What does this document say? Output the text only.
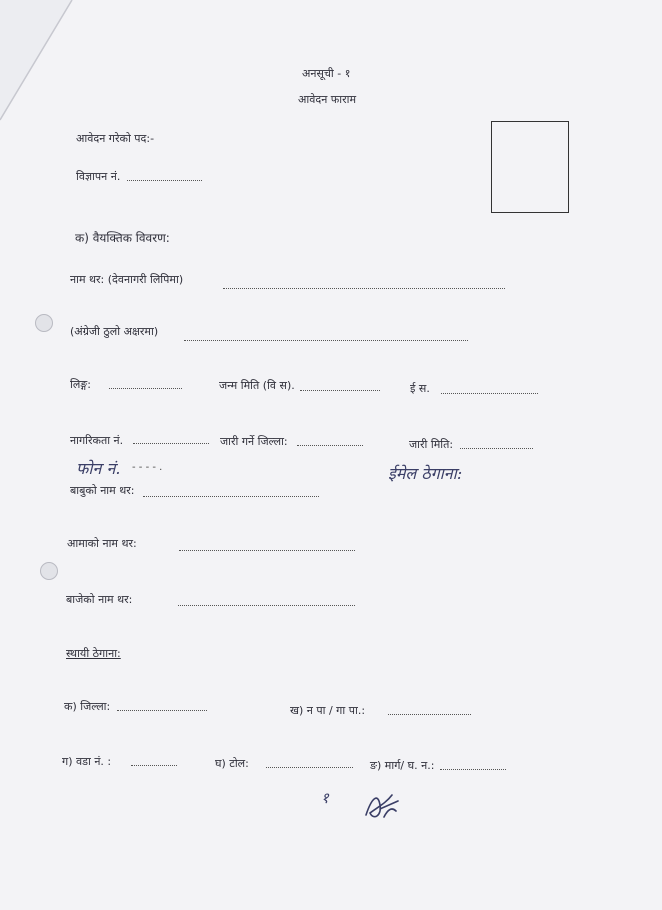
अनसूची - १
आवेदन फाराम
आवेदन गरेको पद:-
विज्ञापन नं.
क) वैयक्तिक विवरण:
नाम थर: (देवनागरी लिपिमा)
(अंग्रेजी ठुलो अक्षरमा)
लिङ्ग:	जन्म मिति (वि स).	ई स.
नागरिकता नं.	जारी गर्ने जिल्ला:	जारी मिति:
फोन नं. - - - - .	ईमेल ठेगाना:
बाबुको नाम थर:
आमाको नाम थर:
बाजेको नाम थर:
स्थायी ठेगाना:
क) जिल्ला:	ख) न पा / गा पा.:
ग) वडा नं. :	घ) टोल:	ङ) मार्ग/ घ. न.:
१
